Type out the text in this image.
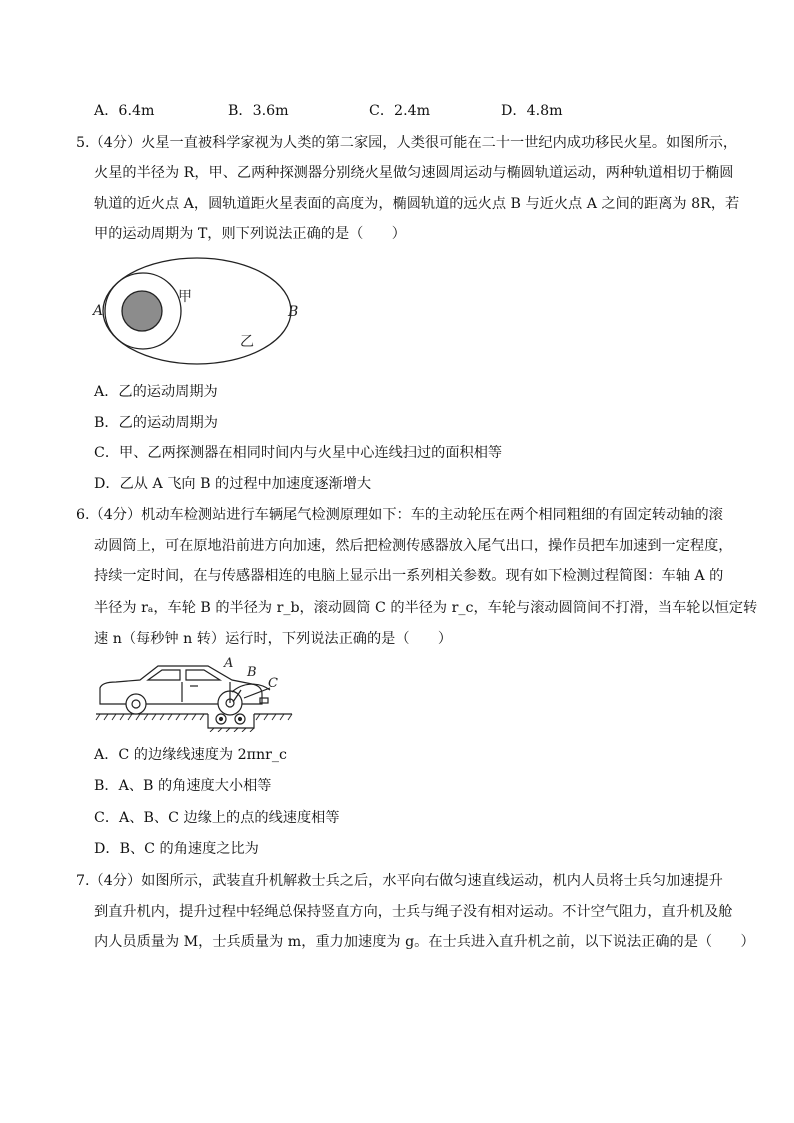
A．6.4m	B．3.6m	C．2.4m	D．4.8m
5.（4分）火星一直被科学家视为人类的第二家园，人类很可能在二十一世纪内成功移民火星。如图所示，
火星的半径为 R，甲、乙两种探测器分别绕火星做匀速圆周运动与椭圆轨道运动，两种轨道相切于椭圆
轨道的近火点 A，圆轨道距火星表面的高度为，椭圆轨道的远火点 B 与近火点 A 之间的距离为 8R，若
甲的运动周期为 T，则下列说法正确的是（　　）
A	B
甲
乙
A．乙的运动周期为
B．乙的运动周期为
C．甲、乙两探测器在相同时间内与火星中心连线扫过的面积相等
D．乙从 A 飞向 B 的过程中加速度逐渐增大
6.（4分）机动车检测站进行车辆尾气检测原理如下：车的主动轮压在两个相同粗细的有固定转动轴的滚
动圆筒上，可在原地沿前进方向加速，然后把检测传感器放入尾气出口，操作员把车加速到一定程度，
持续一定时间，在与传感器相连的电脑上显示出一系列相关参数。现有如下检测过程简图：车轴 A 的
半径为 rₐ，车轮 B 的半径为 r_b，滚动圆筒 C 的半径为 r_c，车轮与滚动圆筒间不打滑，当车轮以恒定转
速 n（每秒钟 n 转）运行时，下列说法正确的是（　　）
A
B
C
A．C 的边缘线速度为 2πnr_c
B．A、B 的角速度大小相等
C．A、B、C 边缘上的点的线速度相等
D．B、C 的角速度之比为
7.（4分）如图所示，武装直升机解救士兵之后，水平向右做匀速直线运动，机内人员将士兵匀加速提升
到直升机内，提升过程中轻绳总保持竖直方向，士兵与绳子没有相对运动。不计空气阻力，直升机及舱
内人员质量为 M，士兵质量为 m，重力加速度为 g。在士兵进入直升机之前，以下说法正确的是（　　）
